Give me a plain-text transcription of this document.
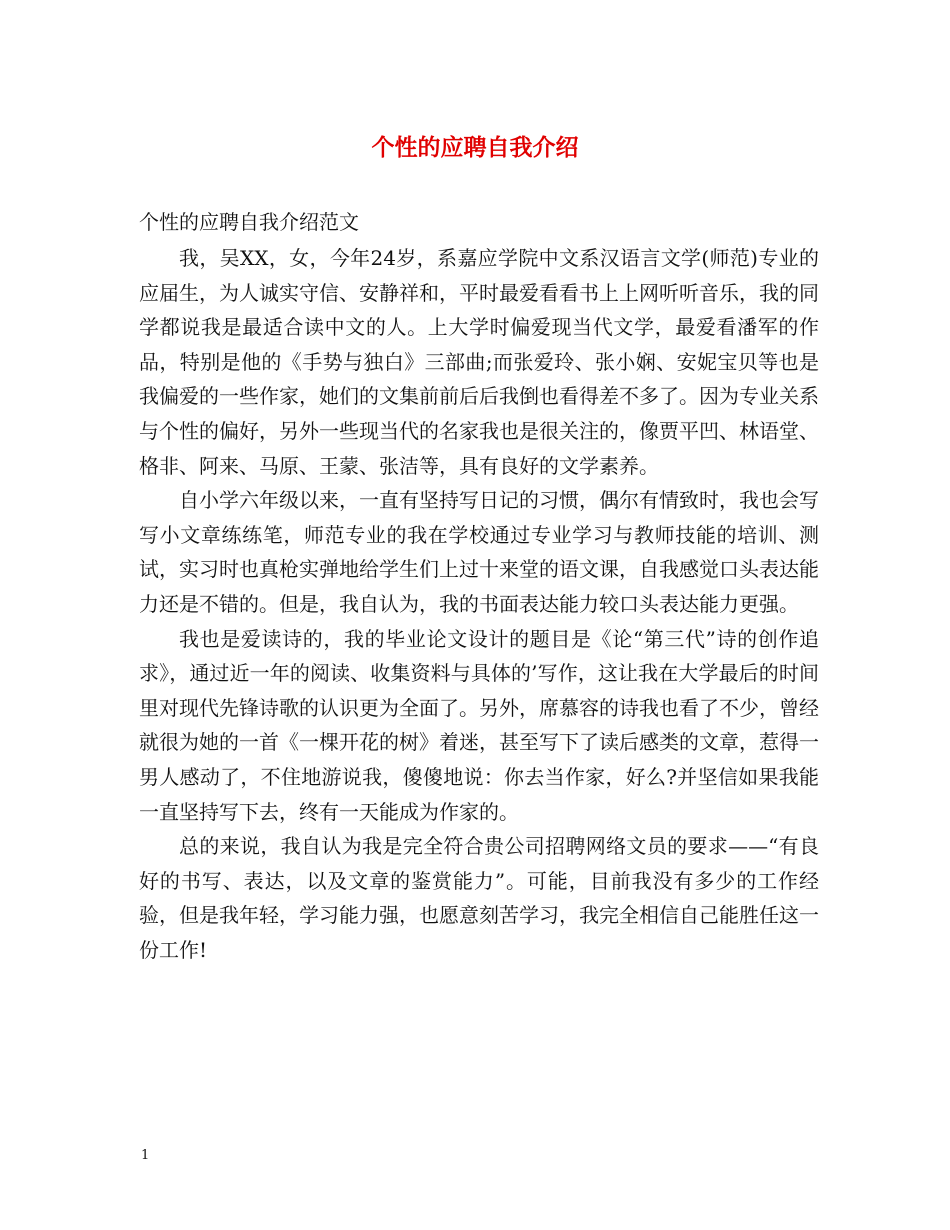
个性的应聘自我介绍
个性的应聘自我介绍范文

我，吴XX，女，今年24岁，系嘉应学院中文系汉语言文学(师范)专业的应届生，为人诚实守信、安静祥和，平时最爱看看书上上网听听音乐，我的同学都说我是最适合读中文的人。上大学时偏爱现当代文学，最爱看潘军的作品，特别是他的《手势与独白》三部曲;而张爱玲、张小娴、安妮宝贝等也是我偏爱的一些作家，她们的文集前前后后我倒也看得差不多了。因为专业关系与个性的偏好，另外一些现当代的名家我也是很关注的，像贾平凹、林语堂、格非、阿来、马原、王蒙、张洁等，具有良好的文学素养。

自小学六年级以来，一直有坚持写日记的习惯，偶尔有情致时，我也会写写小文章练练笔，师范专业的我在学校通过专业学习与教师技能的培训、测试，实习时也真枪实弹地给学生们上过十来堂的语文课，自我感觉口头表达能力还是不错的。但是，我自认为，我的书面表达能力较口头表达能力更强。

我也是爱读诗的，我的毕业论文设计的题目是《论“第三代”诗的创作追求》，通过近一年的阅读、收集资料与具体的’写作，这让我在大学最后的时间里对现代先锋诗歌的认识更为全面了。另外，席慕容的诗我也看了不少，曾经就很为她的一首《一棵开花的树》着迷，甚至写下了读后感类的文章，惹得一男人感动了，不住地游说我，傻傻地说：你去当作家，好么?并坚信如果我能一直坚持写下去，终有一天能成为作家的。

总的来说，我自认为我是完全符合贵公司招聘网络文员的要求——“有良好的书写、表达，以及文章的鉴赏能力”。可能，目前我没有多少的工作经验，但是我年轻，学习能力强，也愿意刻苦学习，我完全相信自己能胜任这一份工作!

1
